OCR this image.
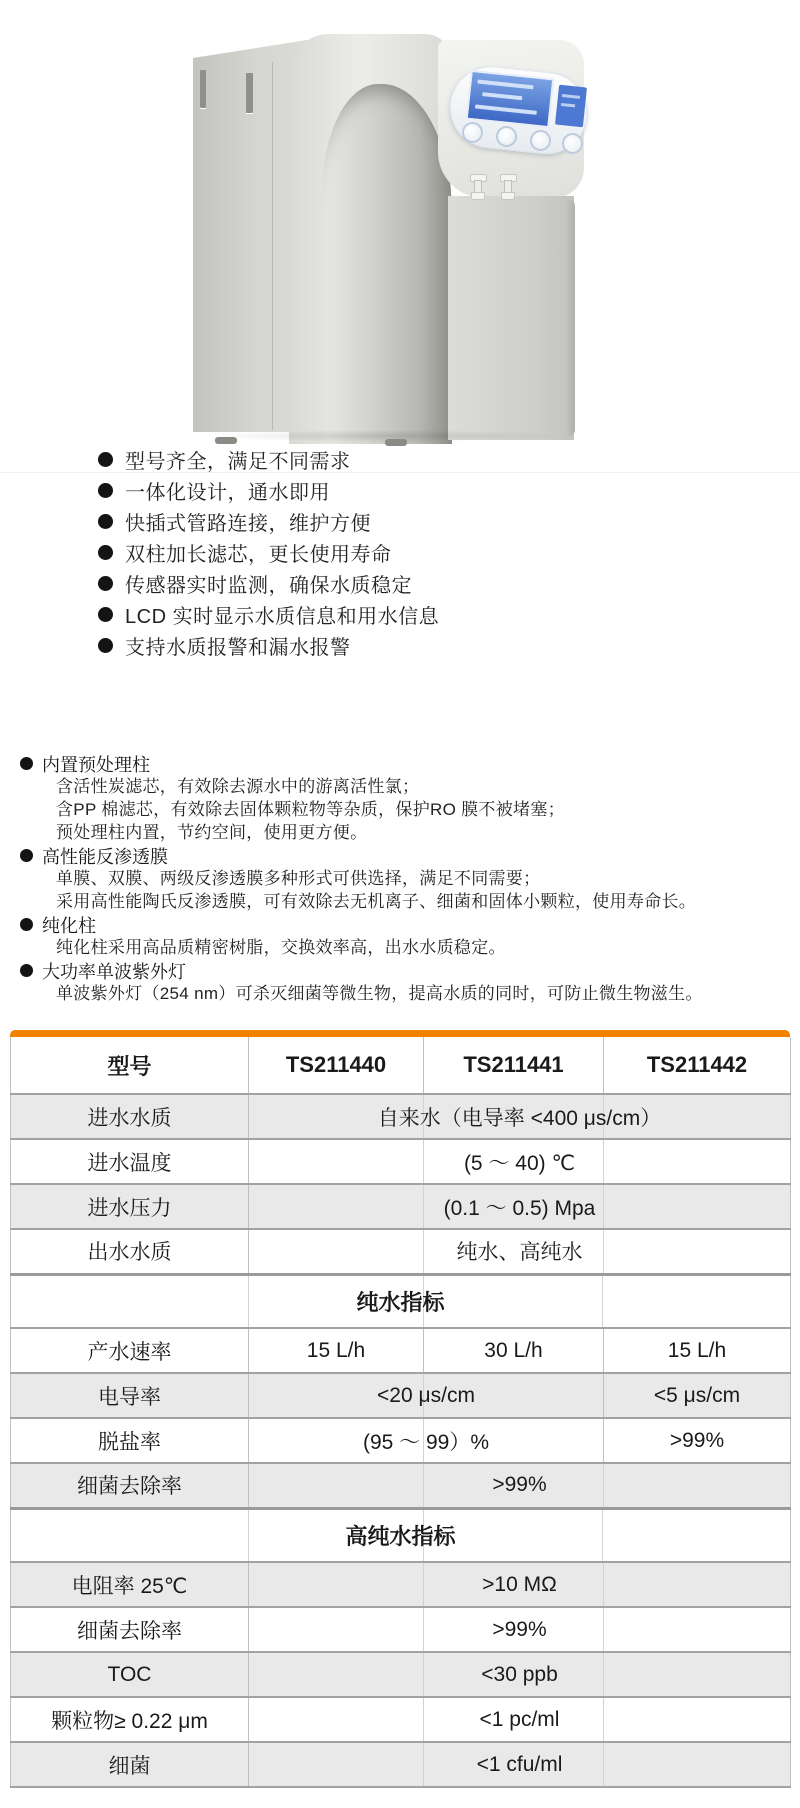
型号齐全，满足不同需求
一体化设计，通水即用
快插式管路连接，维护方便
双柱加长滤芯，更长使用寿命
传感器实时监测，确保水质稳定
LCD 实时显示水质信息和用水信息
支持水质报警和漏水报警
内置预处理柱
含活性炭滤芯，有效除去源水中的游离活性氯；
含PP 棉滤芯，有效除去固体颗粒物等杂质，保护RO 膜不被堵塞；
预处理柱内置，节约空间，使用更方便。
高性能反渗透膜
单膜、双膜、两级反渗透膜多种形式可供选择，满足不同需要；
采用高性能陶氏反渗透膜，可有效除去无机离子、细菌和固体小颗粒，使用寿命长。
纯化柱
纯化柱采用高品质精密树脂，交换效率高，出水水质稳定。
大功率单波紫外灯
单波紫外灯（254 nm）可杀灭细菌等微生物，提高水质的同时，可防止微生物滋生。
型号	TS211440	TS211441	TS211442
进水水质	自来水（电导率 <400 μs/cm）		
进水温度	(5 ～ 40) ℃		
进水压力	(0.1 ～ 0.5) Mpa		
出水水质	纯水、高纯水		
纯水指标			
产水速率	15 L/h	30 L/h	15 L/h
电导率	<20 μs/cm		<5 μs/cm
脱盐率	(95 ～ 99）%		>99%
细菌去除率	>99%		
高纯水指标			
电阻率 25℃	>10 MΩ		
细菌去除率	>99%		
TOC	<30 ppb		
颗粒物≥ 0.22 μm	<1 pc/ml		
细菌	<1 cfu/ml		
